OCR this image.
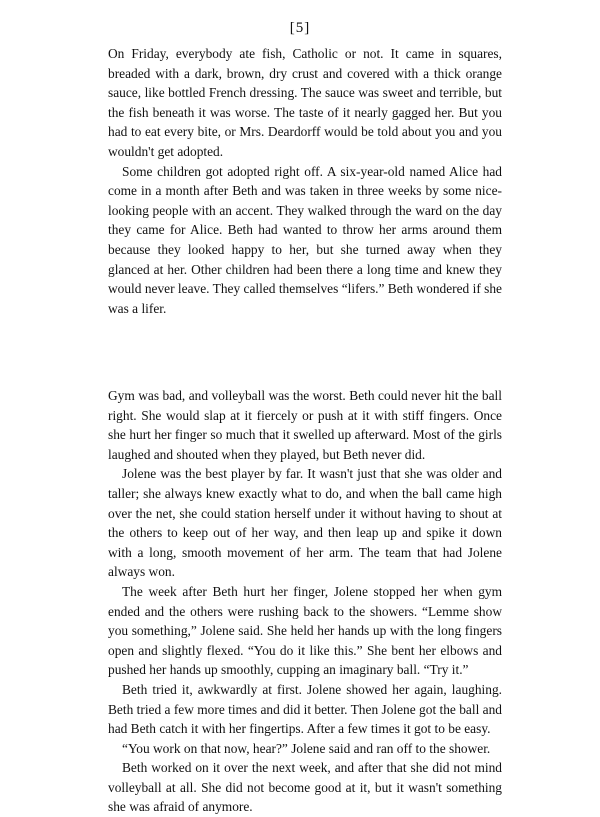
[5]

On Friday, everybody ate fish, Catholic or not. It came in squares, breaded with a dark, brown, dry crust and covered with a thick orange sauce, like bottled French dressing. The sauce was sweet and terrible, but the fish beneath it was worse. The taste of it nearly gagged her. But you had to eat every bite, or Mrs. Deardorff would be told about you and you wouldn't get adopted.

Some children got adopted right off. A six-year-old named Alice had come in a month after Beth and was taken in three weeks by some nice-looking people with an accent. They walked through the ward on the day they came for Alice. Beth had wanted to throw her arms around them because they looked happy to her, but she turned away when they glanced at her. Other children had been there a long time and knew they would never leave. They called themselves “lifers.” Beth wondered if she was a lifer.

Gym was bad, and volleyball was the worst. Beth could never hit the ball right. She would slap at it fiercely or push at it with stiff fingers. Once she hurt her finger so much that it swelled up afterward. Most of the girls laughed and shouted when they played, but Beth never did.

Jolene was the best player by far. It wasn't just that she was older and taller; she always knew exactly what to do, and when the ball came high over the net, she could station herself under it without having to shout at the others to keep out of her way, and then leap up and spike it down with a long, smooth movement of her arm. The team that had Jolene always won.

The week after Beth hurt her finger, Jolene stopped her when gym ended and the others were rushing back to the showers. “Lemme show you something,” Jolene said. She held her hands up with the long fingers open and slightly flexed. “You do it like this.” She bent her elbows and pushed her hands up smoothly, cupping an imaginary ball. “Try it.”

Beth tried it, awkwardly at first. Jolene showed her again, laughing. Beth tried a few more times and did it better. Then Jolene got the ball and had Beth catch it with her fingertips. After a few times it got to be easy.

“You work on that now, hear?” Jolene said and ran off to the shower.

Beth worked on it over the next week, and after that she did not mind volleyball at all. She did not become good at it, but it wasn't something she was afraid of anymore.
